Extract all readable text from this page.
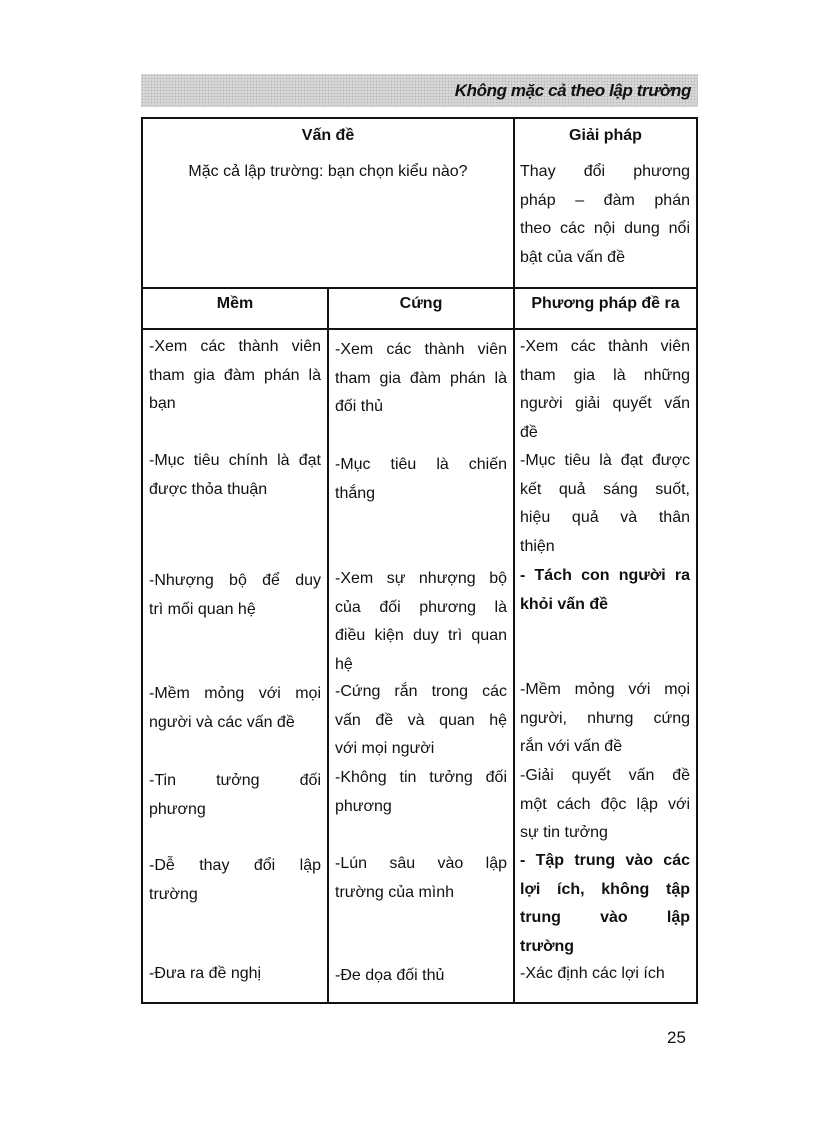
Không mặc cả theo lập trường
Vấn đề
Mặc cả lập trường: bạn chọn kiểu nào?
Giải pháp
Thay đổi phương
pháp – đàm phán
theo các nội dung nổi
bật của vấn đề
Mềm	Cứng	Phương pháp đề ra
-Xem các thành viên
tham gia đàm phán là
bạn
-Mục tiêu chính là đạt
được thỏa thuận
-Nhượng bộ để duy
trì mối quan hệ
-Mềm mỏng với mọi
người và các vấn đề
-Tin tưởng đối
phương
-Dễ thay đổi lập
trường
-Đưa ra đề nghị
-Xem các thành viên
tham gia đàm phán là
đối thủ
-Mục tiêu là chiến
thắng
-Xem sự nhượng bộ
của đối phương là
điều kiện duy trì quan
hệ
-Cứng rắn trong các
vấn đề và quan hệ
với mọi người
-Không tin tưởng đối
phương
-Lún sâu vào lập
trường của mình
-Đe dọa đối thủ
-Xem các thành viên
tham gia là những
người giải quyết vấn
đề
-Mục tiêu là đạt được
kết quả sáng suốt,
hiệu quả và thân
thiện
- Tách con người ra
khỏi vấn đề
-Mềm mỏng với mọi
người, nhưng cứng
rắn với vấn đề
-Giải quyết vấn đề
một cách độc lập với
sự tin tưởng
- Tập trung vào các
lợi ích, không tập
trung vào lập
trường
-Xác định các lợi ích
25
